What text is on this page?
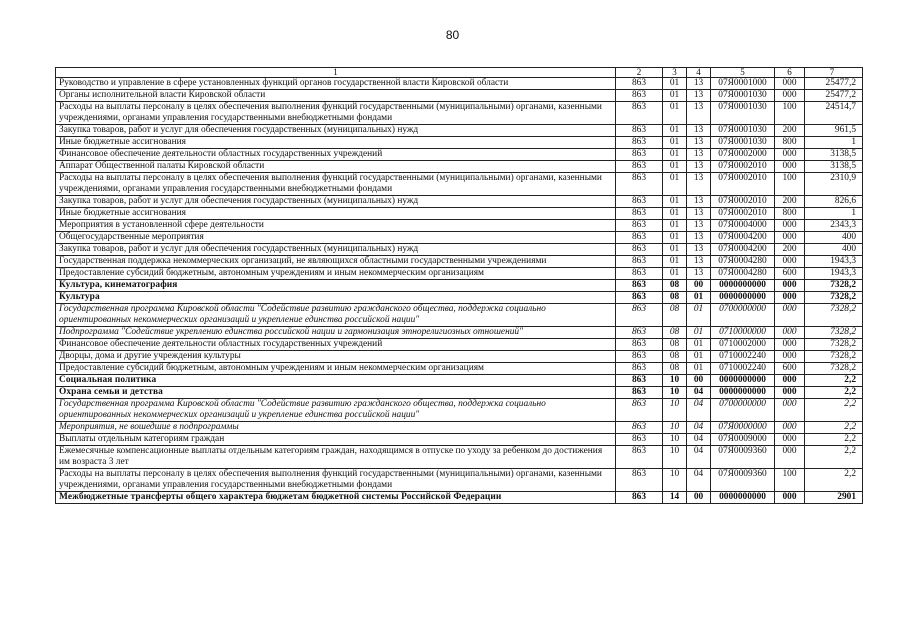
80
1	2	3	4	5	6	7
Руководство и управление в сфере установленных функций органов государственной власти Кировской области	863	01	13	07Я0001000	000	25477,2
Органы исполнительной власти Кировской области	863	01	13	07Я0001030	000	25477,2
Расходы на выплаты персоналу в целях обеспечения выполнения функций государственными (муниципальными) органами, казенными учреждениями, органами управления государственными внебюджетными фондами	863	01	13	07Я0001030	100	24514,7
Закупка товаров, работ и услуг для обеспечения государственных (муниципальных) нужд	863	01	13	07Я0001030	200	961,5
Иные бюджетные ассигнования	863	01	13	07Я0001030	800	1
Финансовое обеспечение деятельности областных государственных учреждений	863	01	13	07Я0002000	000	3138,5
Аппарат Общественной палаты Кировской области	863	01	13	07Я0002010	000	3138,5
Расходы на выплаты персоналу в целях обеспечения выполнения функций государственными (муниципальными) органами, казенными учреждениями, органами управления государственными внебюджетными фондами	863	01	13	07Я0002010	100	2310,9
Закупка товаров, работ и услуг для обеспечения государственных (муниципальных) нужд	863	01	13	07Я0002010	200	826,6
Иные бюджетные ассигнования	863	01	13	07Я0002010	800	1
Мероприятия в установленной сфере деятельности	863	01	13	07Я0004000	000	2343,3
Общегосударственные мероприятия	863	01	13	07Я0004200	000	400
Закупка товаров, работ и услуг для обеспечения государственных (муниципальных) нужд	863	01	13	07Я0004200	200	400
Государственная поддержка некоммерческих организаций, не являющихся областными государственными учреждениями	863	01	13	07Я0004280	000	1943,3
Предоставление субсидий бюджетным, автономным учреждениям и иным некоммерческим организациям	863	01	13	07Я0004280	600	1943,3
Культура, кинематография	863	08	00	0000000000	000	7328,2
Культура	863	08	01	0000000000	000	7328,2
Государственная программа Кировской области "Содействие развитию гражданского общества, поддержка социально ориентированных некоммерческих организаций и укрепление единства российской нации"	863	08	01	0700000000	000	7328,2
Подпрограмма "Содействие укреплению единства российской нации и гармонизация этнорелигиозных отношений"	863	08	01	0710000000	000	7328,2
Финансовое обеспечение деятельности областных государственных учреждений	863	08	01	0710002000	000	7328,2
Дворцы, дома и другие учреждения культуры	863	08	01	0710002240	000	7328,2
Предоставление субсидий бюджетным, автономным учреждениям и иным некоммерческим организациям	863	08	01	0710002240	600	7328,2
Социальная политика	863	10	00	0000000000	000	2,2
Охрана семьи и детства	863	10	04	0000000000	000	2,2
Государственная программа Кировской области "Содействие развитию гражданского общества, поддержка социально ориентированных некоммерческих организаций и укрепление единства российской нации"	863	10	04	0700000000	000	2,2
Мероприятия, не вошедшие в подпрограммы	863	10	04	07Я0000000	000	2,2
Выплаты отдельным категориям граждан	863	10	04	07Я0009000	000	2,2
Ежемесячные компенсационные выплаты отдельным категориям граждан, находящимся в отпуске по уходу за ребенком до достижения им возраста 3 лет	863	10	04	07Я0009360	000	2,2
Расходы на выплаты персоналу в целях обеспечения выполнения функций государственными (муниципальными) органами, казенными учреждениями, органами управления государственными внебюджетными фондами	863	10	04	07Я0009360	100	2,2
Межбюджетные трансферты общего характера бюджетам бюджетной системы Российской Федерации	863	14	00	0000000000	000	2901
